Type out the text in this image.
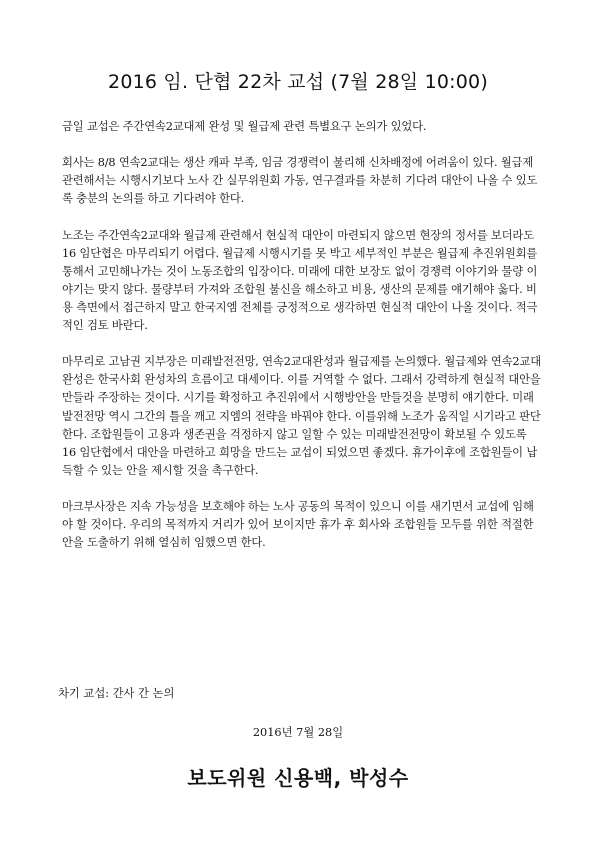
2016 임. 단협 22차 교섭 (7월 28일 10:00)

금일 교섭은 주간연속2교대제 완성 및 월급제 관련 특별요구 논의가 있었다.

회사는 8/8 연속2교대는 생산 캐파 부족, 임금 경쟁력이 불리해 신차배정에 어려움이 있다. 월급제 관련해서는 시행시기보다 노사 간 실무위원회 가동, 연구결과를 차분히 기다려 대안이 나올 수 있도록 충분의 논의를 하고 기다려야 한다.

노조는 주간연속2교대와 월급제 관련해서 현실적 대안이 마련되지 않으면 현장의 정서를 보더라도 16 임단협은 마무리되기 어렵다. 월급제 시행시기를 못 박고 세부적인 부분은 월급제 추진위원회를 통해서 고민해나가는 것이 노동조합의 입장이다. 미래에 대한 보장도 없이 경쟁력 이야기와 물량 이야기는 맞지 않다. 물량부터 가져와 조합원 불신을 해소하고 비용, 생산의 문제를 얘기해야 옳다. 비용 측면에서 접근하지 말고 한국지엠 전체를 긍정적으로 생각하면 현실적 대안이 나올 것이다. 적극적인 검토 바란다.

마무리로 고남권 지부장은 미래발전전망, 연속2교대완성과 월급제를 논의했다. 월급제와 연속2교대완성은 한국사회 완성차의 흐름이고 대세이다. 이를 거역할 수 없다. 그래서 강력하게 현실적 대안을 만들라 주장하는 것이다. 시기를 확정하고 추진위에서 시행방안을 만들것을 분명히 얘기한다. 미래발전전망 역시 그간의 틀을 깨고 지엠의 전략을 바꿔야 한다. 이를위해 노조가 움직일 시기라고 판단한다. 조합원들이 고용과 생존권을 걱정하지 않고 일할 수 있는 미래발전전망이 확보될 수 있도록 16 임단협에서 대안을 마련하고 희망을 만드는 교섭이 되었으면 좋겠다. 휴가이후에 조합원들이 납득할 수 있는 안을 제시할 것을 촉구한다.

마크부사장은 지속 가능성을 보호해야 하는 노사 공동의 목적이 있으니 이를 새기면서 교섭에 임해야 할 것이다. 우리의 목적까지 거리가 있어 보이지만 휴가 후 회사와 조합원들 모두를 위한 적절한 안을 도출하기 위해 열심히 임했으면 한다.

차기 교섭: 간사 간 논의
2016년 7월 28일
보도위원 신용백, 박성수
